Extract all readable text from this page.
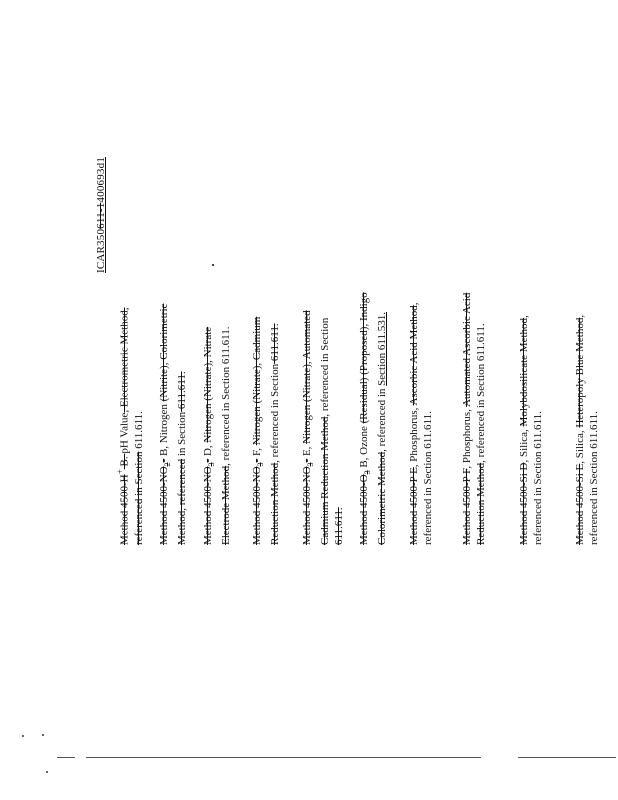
ICAR350611-1400693d1
Method 4500-H+ B. pH Value, Electrometric Method, referenced in Section 611.611.
Method $4500-NO_2-$ B, Nitrogen (Nitrite), Colorimetric Method, referenced in Section 611.611.
Method $4500-NO_3-$ D, Nitrogen (Nitrate), Nitrate Electrode Method, referenced in Section 611.611.
Method $4500-NO_3-$ F, Nitrogen (Nitrate), Cadmium Reduction Method, referenced in Section 611.611.
Method $4500-NO_3-$ E, Nitrogen (Nitrate), Automated Cadmium Reduction Method, referenced in Section 611.611. Method $4500-O_3$ B, Ozone (Residual) (Proposed), Indigo Colorimetric Method, referenced in Section 611.531.
Method 4500-P E, Phosphorus, Ascorbic Acid Method, referenced in Section 611.611. Method 4500-P F, Phosphorus, Automated Ascorbic Acid Reduction Method, referenced in Section 611.611.
Method 4500-Si D, Silica, Molybdosilicate Method, referenced in Section 611.611.	Method 4500-Si E, Silica, Heteropoly Blue Method, referenced in Section 611.611.
